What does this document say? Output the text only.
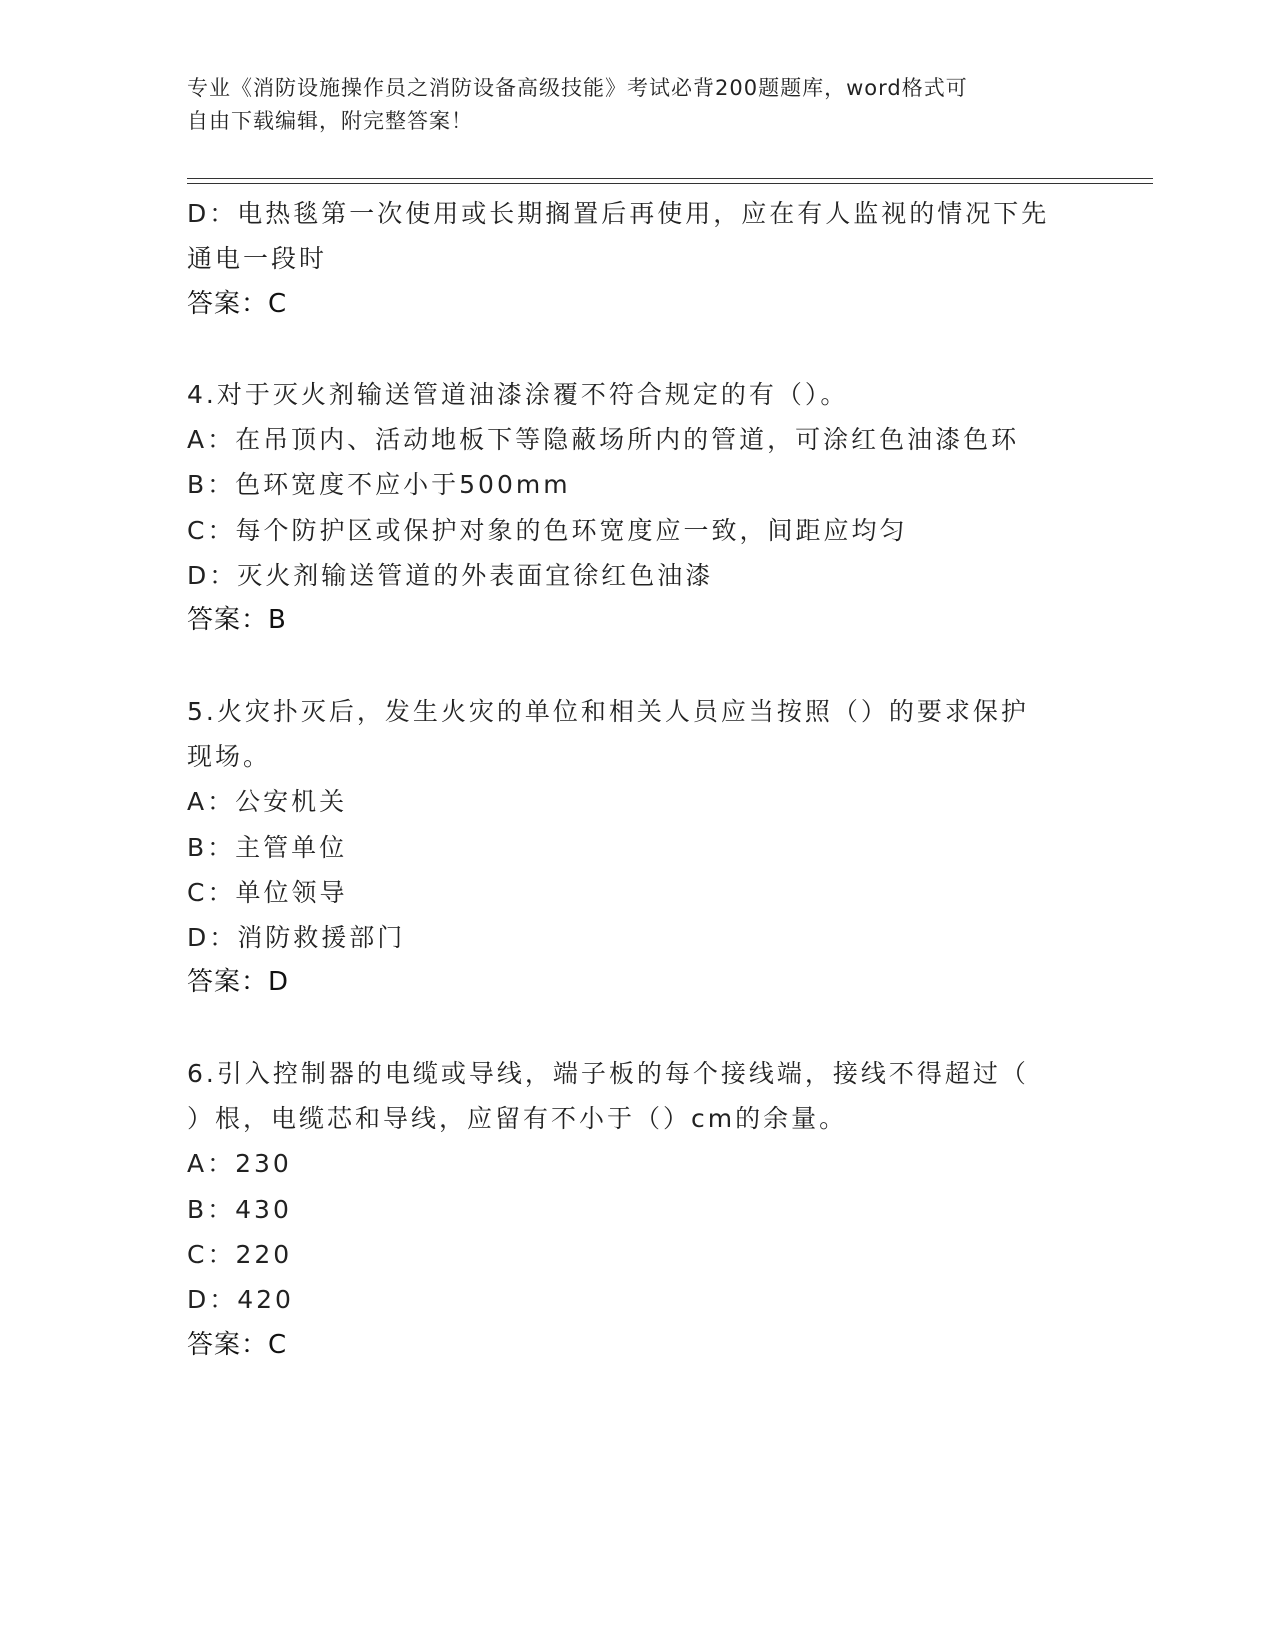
专业《消防设施操作员之消防设备高级技能》考试必背200题题库，word格式可
自由下载编辑，附完整答案！
D：电热毯第一次使用或长期搁置后再使用，应在有人监视的情况下先
通电一段时
答案：C
4.对于灭火剂输送管道油漆涂覆不符合规定的有（）。
A：在吊顶内、活动地板下等隐蔽场所内的管道，可涂红色油漆色环
B：色环宽度不应小于500mm
C：每个防护区或保护对象的色环宽度应一致，间距应均匀
D：灭火剂输送管道的外表面宜徐红色油漆
答案：B
5.火灾扑灭后，发生火灾的单位和相关人员应当按照（）的要求保护
现场。
A：公安机关
B：主管单位
C：单位领导
D：消防救援部门
答案：D
6.引入控制器的电缆或导线，端子板的每个接线端，接线不得超过（
）根，电缆芯和导线，应留有不小于（）cm的余量。
A：230
B：430
C：220
D：420
答案：C
